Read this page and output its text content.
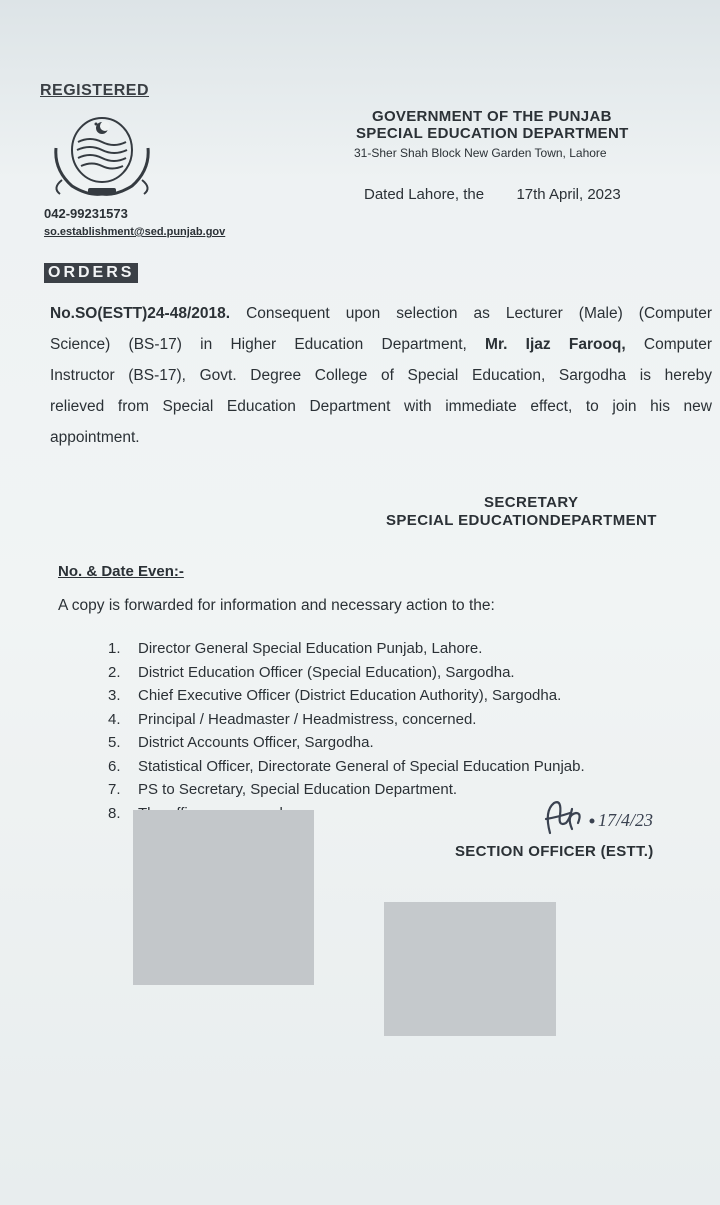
REGISTERED
042-99231573
so.establishment@sed.punjab.gov
GOVERNMENT OF THE PUNJAB
SPECIAL EDUCATION DEPARTMENT
31-Sher Shah Block New Garden Town, Lahore
Dated Lahore, the 17th April, 2023
ORDERS
No.SO(ESTT)24-48/2018. Consequent upon selection as Lecturer (Male) (Computer
Science) (BS-17) in Higher Education Department, Mr. Ijaz Farooq, Computer
Instructor (BS-17), Govt. Degree College of Special Education, Sargodha is hereby
relieved from Special Education Department with immediate effect, to join his new
appointment.
SECRETARY
SPECIAL EDUCATIONDEPARTMENT
No. & Date Even:-
A copy is forwarded for information and necessary action to the:
1. Director General Special Education Punjab, Lahore.
2. District Education Officer (Special Education), Sargodha.
3. Chief Executive Officer (District Education Authority), Sargodha.
4. Principal / Headmaster / Headmistress, concerned.
5. District Accounts Officer, Sargodha.
6. Statistical Officer, Directorate General of Special Education Punjab.
7. PS to Secretary, Special Education Department.
8.	17/4/23
SECTION OFFICER (ESTT.)
